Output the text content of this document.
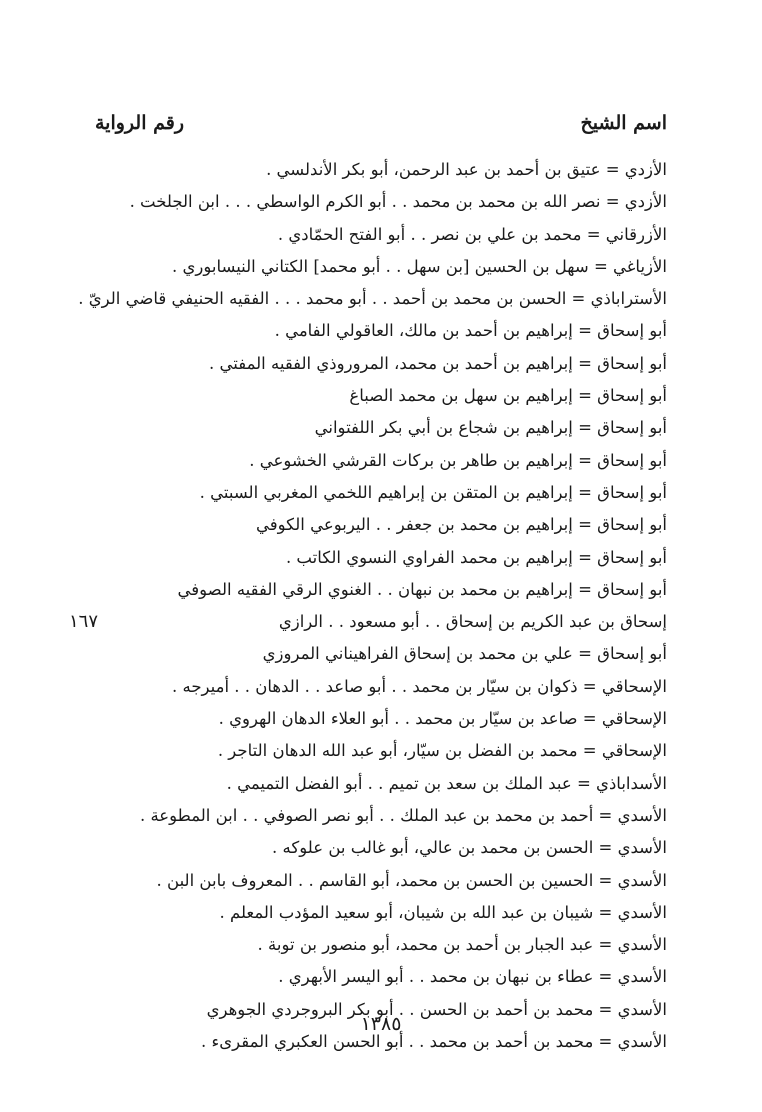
اسم الشيخ
رقم الرواية
الأزدي = عتيق بن أحمد بن عبد الرحمن، أبو بكر الأندلسي .
الأزدي = نصر الله بن محمد بن محمد . . أبو الكرم الواسطي . . . ابن الجلخت .
الأزرقاني = محمد بن علي بن نصر . . أبو الفتح الحمّادي .
الأزياغي = سهل بن الحسين [بن سهل . . أبو محمد] الكتاني النيسابوري .
الأستراباذي = الحسن بن محمد بن أحمد . . أبو محمد . . . الفقيه الحنيفي قاضي الريّ .
أبو إسحاق = إبراهيم بن أحمد بن مالك، العاقولي الفامي .
أبو إسحاق = إبراهيم بن أحمد بن محمد، المروروذي الفقيه المفتي .
أبو إسحاق = إبراهيم بن سهل بن محمد الصباغ
أبو إسحاق = إبراهيم بن شجاع بن أبي بكر اللفتواني
أبو إسحاق = إبراهيم بن طاهر بن بركات القرشي الخشوعي .
أبو إسحاق = إبراهيم بن المتقن بن إبراهيم اللخمي المغربي السبتي .
أبو إسحاق = إبراهيم بن محمد بن جعفر . . اليربوعي الكوفي
أبو إسحاق = إبراهيم بن محمد الفراوي النسوي الكاتب .
أبو إسحاق = إبراهيم بن محمد بن نبهان . . الغنوي الرقي الفقيه الصوفي
إسحاق بن عبد الكريم بن إسحاق . . أبو مسعود . . الرازي
١٦٧
أبو إسحاق = علي بن محمد بن إسحاق الفراهيناني المروزي
الإسحاقي = ذكوان بن سيّار بن محمد . . أبو صاعد . . الدهان . . أميرجه .
الإسحاقي = صاعد بن سيّار بن محمد . . أبو العلاء الدهان الهروي .
الإسحاقي = محمد بن الفضل بن سيّار، أبو عبد الله الدهان التاجر .
الأسداباذي = عبد الملك بن سعد بن تميم . . أبو الفضل التميمي .
الأسدي = أحمد بن محمد بن عبد الملك . . أبو نصر الصوفي . . ابن المطوعة .
الأسدي = الحسن بن محمد بن عالي، أبو غالب بن علوكه .
الأسدي = الحسين بن الحسن بن محمد، أبو القاسم . . المعروف بابن البن .
الأسدي = شيبان بن عبد الله بن شيبان، أبو سعيد المؤدب المعلم .
الأسدي = عبد الجبار بن أحمد بن محمد، أبو منصور بن توبة .
الأسدي = عطاء بن نبهان بن محمد . . أبو اليسر الأبهري .
الأسدي = محمد بن أحمد بن الحسن . . أبو بكر البروجردي الجوهري
الأسدي = محمد بن أحمد بن محمد . . أبو الحسن العكبري المقرىء .
١٣٨٥
